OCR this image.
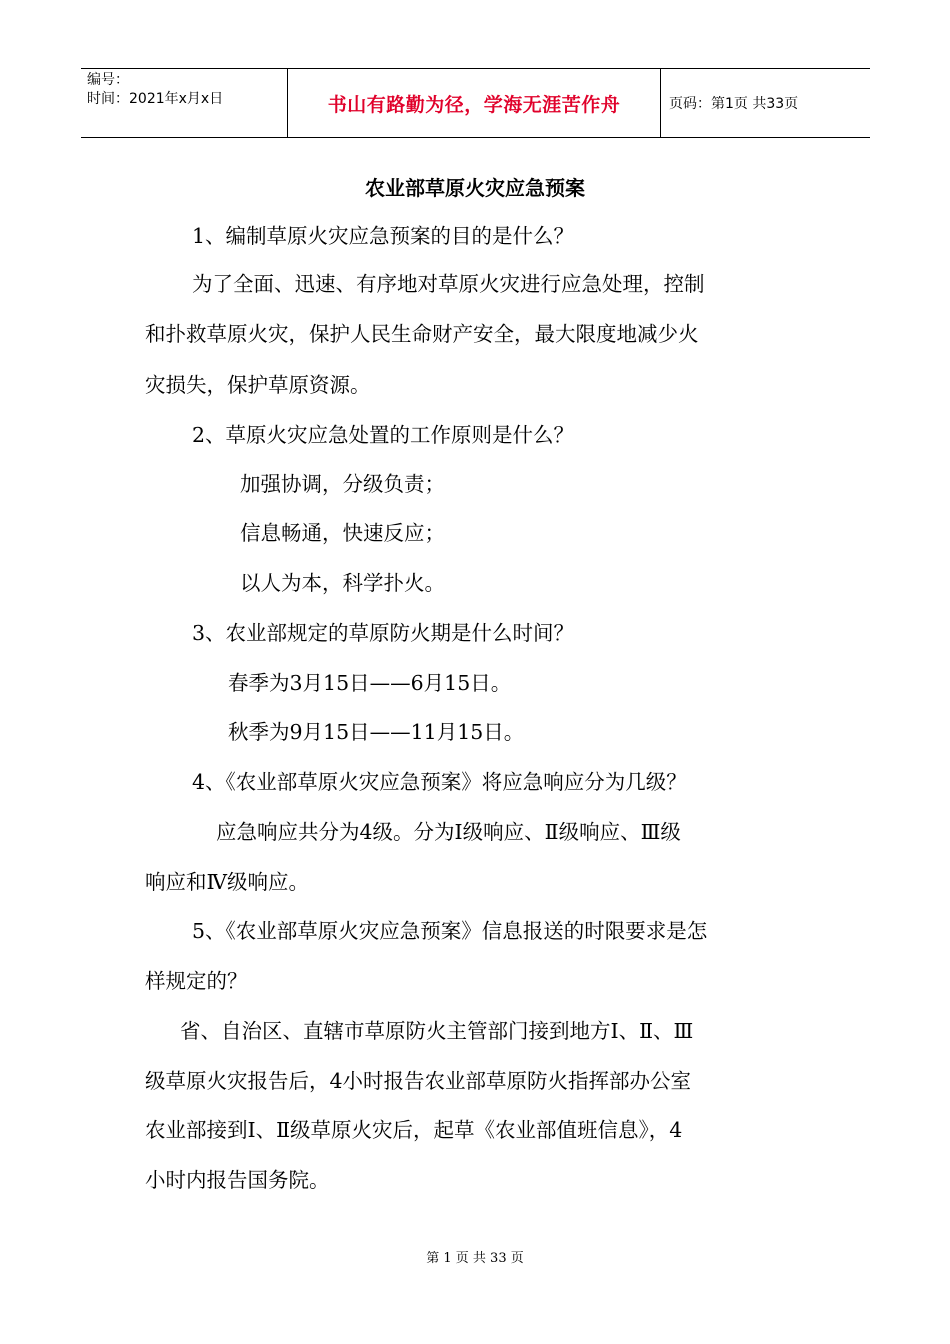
编号：
时间：2021年x月x日	书山有路勤为径，学海无涯苦作舟	页码：第1页 共33页
农业部草原火灾应急预案
1、编制草原火灾应急预案的目的是什么？
为了全面、迅速、有序地对草原火灾进行应急处理，控制
和扑救草原火灾，保护人民生命财产安全，最大限度地减少火
灾损失，保护草原资源。
2、草原火灾应急处置的工作原则是什么？
加强协调，分级负责；
信息畅通，快速反应；
以人为本，科学扑火。
3、农业部规定的草原防火期是什么时间？
春季为3月15日——6月15日。
秋季为9月15日——11月15日。
4、《农业部草原火灾应急预案》将应急响应分为几级？
应急响应共分为4级。分为Ⅰ级响应、Ⅱ级响应、Ⅲ级
响应和Ⅳ级响应。
5、《农业部草原火灾应急预案》信息报送的时限要求是怎
样规定的？
省、自治区、直辖市草原防火主管部门接到地方Ⅰ、Ⅱ、Ⅲ
级草原火灾报告后，4小时报告农业部草原防火指挥部办公室
农业部接到Ⅰ、Ⅱ级草原火灾后，起草《农业部值班信息》，4
小时内报告国务院。
第 1 页 共 33 页
